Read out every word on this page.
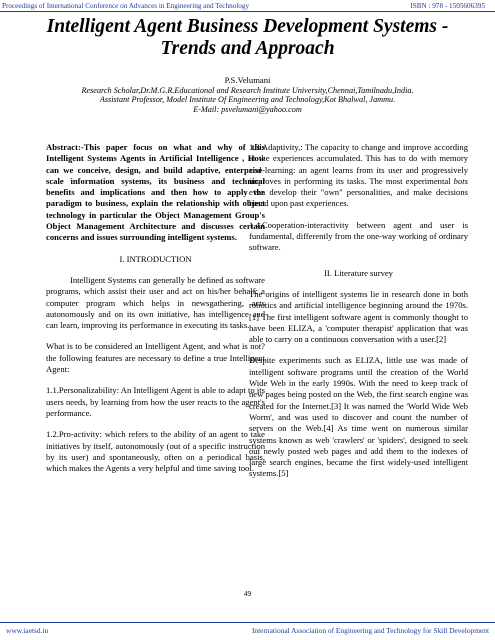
Proceedings of International Conference on Advances in Engineering and Technology	ISBN : 978 - 1505606395
Intelligent Agent Business Development Systems -
Trends and Approach
P.S.Velumani
Research Scholar,Dr.M.G.R.Educational and Research Institute University,Chennai,Tamilnadu,India.
Assistant Professor, Model Institute Of Engineering and Technology,Kot Bhalwal, Jammu.
E-Mail: psvelumani@yahoo.com

Abstract:-This paper focus on what and why of this Intelligent Systems Agents in Artificial Intelligence , How can we conceive, design, and build adaptive, enterprise-scale information systems, its business and technical benefits and implications and then how to apply the paradigm to business, explain the relationship with object technology in particular the Object Management Group's Object Management Architecture and discusses certain concerns and issues surrounding intelligent systems.

I. INTRODUCTION

Intelligent Systems can generally be defined as software programs, which assist their user and act on his/her behalf: a computer program which helps in newsgathering, acts autonomously and on its own initiative, has intelligence and can learn, improving its performance in executing its tasks.

What is to be considered an Intelligent Agent, and what is not? the following features are necessary to define a true Intelligent Agent:

1.1.Personalizability: An Intelligent Agent is able to adapt to its users needs, by learning from how the user reacts to the agent's performance.

1.2.Pro-activity: which refers to the ability of an agent to take initiatives by itself, autonomously (out of a specific instruction by its user) and spontaneously, often on a periodical basis, which makes the Agents a very helpful and time saving tool.

1.3.Adaptivity,: The capacity to change and improve according to the experiences accumulated. This has to do with memory and learning: an agent learns from its user and progressively improves in performing its tasks. The most experimental bots even develop their "own" personalities, and make decisions based upon past experiences.

1.4.Cooperation-interactivity between agent and user is fundamental, differently from the one-way working of ordinary software.

II. Literature survey

The origins of intelligent systems lie in research done in both robotics and artificial intelligence beginning around the 1970s.[1] The first intelligent software agent is commonly thought to have been ELIZA, a 'computer therapist' application that was able to carry on a continuous conversation with a user.[2]

Despite experiments such as ELIZA, little use was made of intelligent software programs until the creation of the World Wide Web in the early 1990s. With the need to keep track of new pages being posted on the Web, the first search engine was created for the Internet.[3] It was named the 'World Wide Web Worm', and was used to discover and count the number of servers on the Web.[4] As time went on numerous similar systems known as web 'crawlers' or 'spiders', designed to seek out newly posted web pages and add them to the indexes of large search engines, became the first widely-used intelligent systems.[5]

49
www.iaetsd.in	International Association of Engineering and Technology for Skill Development
